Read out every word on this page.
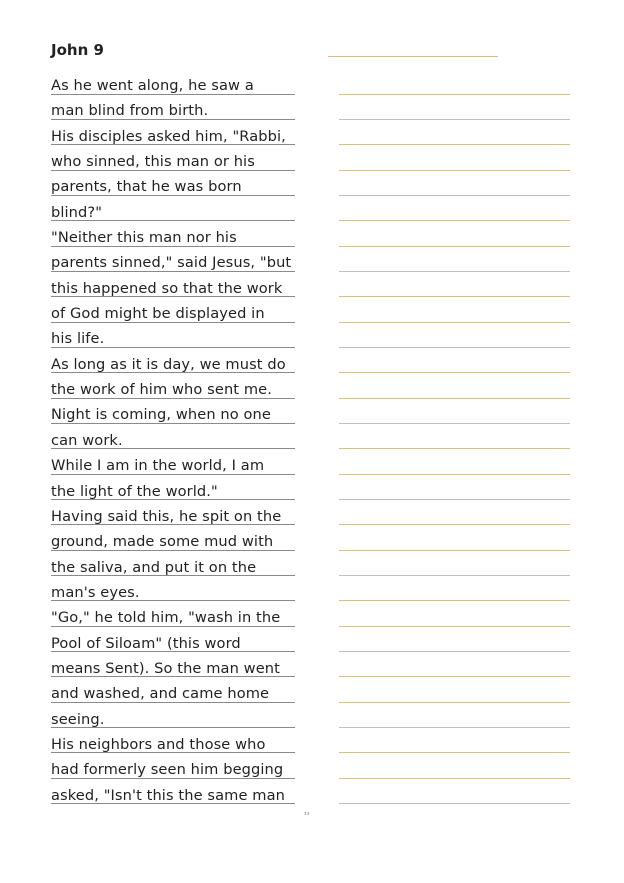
John 9
As he went along, he saw a
man blind from birth.
His disciples asked him, "Rabbi,
who sinned, this man or his
parents, that he was born
blind?"
"Neither this man nor his
parents sinned," said Jesus, "but
this happened so that the work
of God might be displayed in
his life.
As long as it is day, we must do
the work of him who sent me.
Night is coming, when no one
can work.
While I am in the world, I am
the light of the world."
Having said this, he spit on the
ground, made some mud with
the saliva, and put it on the
man's eyes.
"Go," he told him, "wash in the
Pool of Siloam" (this word
means Sent). So the man went
and washed, and came home
seeing.
His neighbors and those who
had formerly seen him begging
asked, "Isn't this the same man
¹¹
